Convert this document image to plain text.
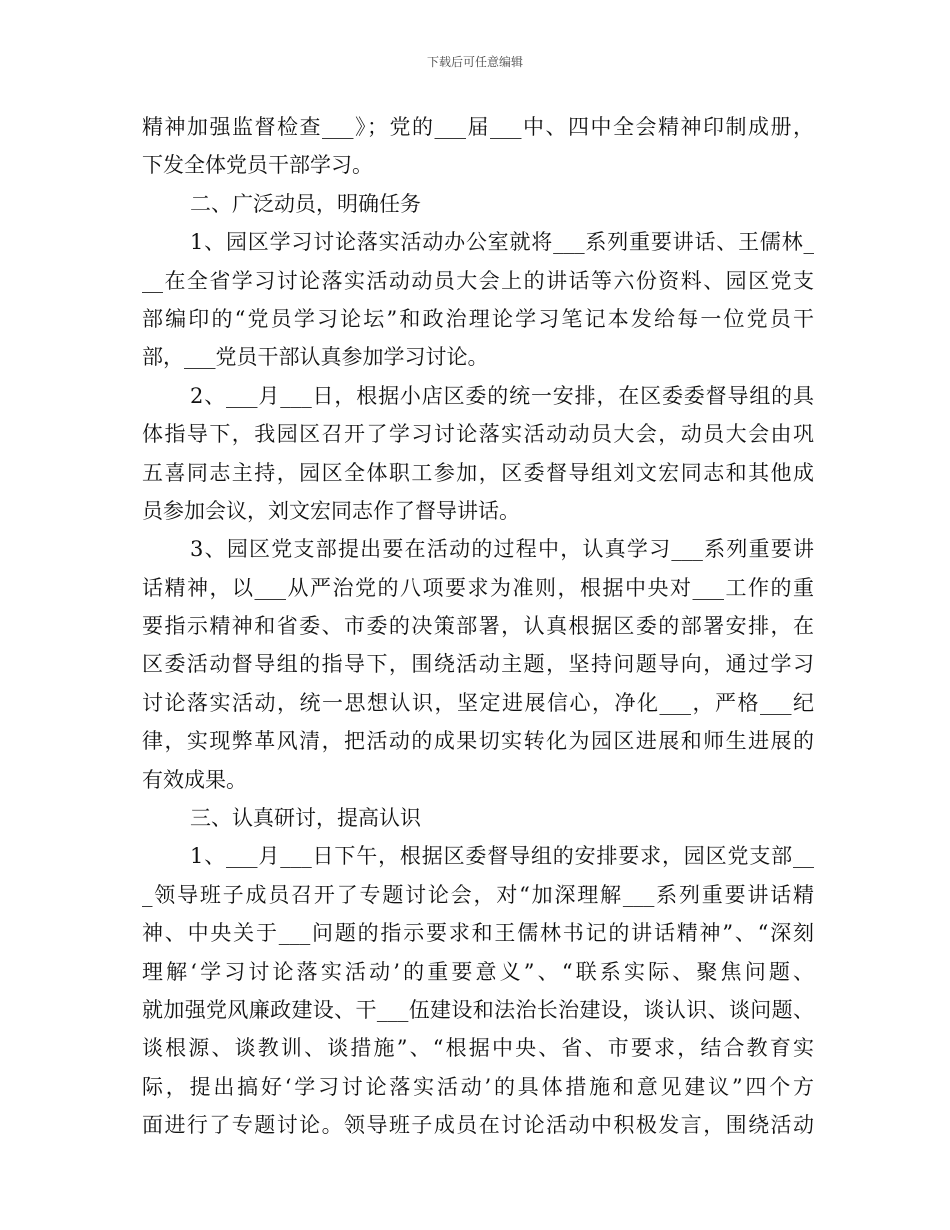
下载后可任意编辑
精神加强监督检查___》；党的___届___中、四中全会精神印制成册，
下发全体党员干部学习。
二、广泛动员，明确任务
1、园区学习讨论落实活动办公室就将___系列重要讲话、王儒林_
__在全省学习讨论落实活动动员大会上的讲话等六份资料、园区党支
部编印的“党员学习论坛”和政治理论学习笔记本发给每一位党员干
部，___党员干部认真参加学习讨论。
2、___月___日，根据小店区委的统一安排，在区委委督导组的具
体指导下，我园区召开了学习讨论落实活动动员大会，动员大会由巩
五喜同志主持，园区全体职工参加，区委督导组刘文宏同志和其他成
员参加会议，刘文宏同志作了督导讲话。
3、园区党支部提出要在活动的过程中，认真学习___系列重要讲
话精神，以___从严治党的八项要求为准则，根据中央对___工作的重
要指示精神和省委、市委的决策部署，认真根据区委的部署安排，在
区委活动督导组的指导下，围绕活动主题，坚持问题导向，通过学习
讨论落实活动，统一思想认识，坚定进展信心，净化___，严格___纪
律，实现弊革风清，把活动的成果切实转化为园区进展和师生进展的
有效成果。
三、认真研讨，提高认识
1、___月___日下午，根据区委督导组的安排要求，园区党支部__
_领导班子成员召开了专题讨论会，对“加深理解___系列重要讲话精
神、中央关于___问题的指示要求和王儒林书记的讲话精神”、“深刻
理解‘学习讨论落实活动’的重要意义”、“联系实际、聚焦问题、
就加强党风廉政建设、干___伍建设和法治长治建设，谈认识、谈问题、
谈根源、谈教训、谈措施”、“根据中央、省、市要求，结合教育实
际，提出搞好‘学习讨论落实活动’的具体措施和意见建议”四个方
面进行了专题讨论。领导班子成员在讨论活动中积极发言，围绕活动
